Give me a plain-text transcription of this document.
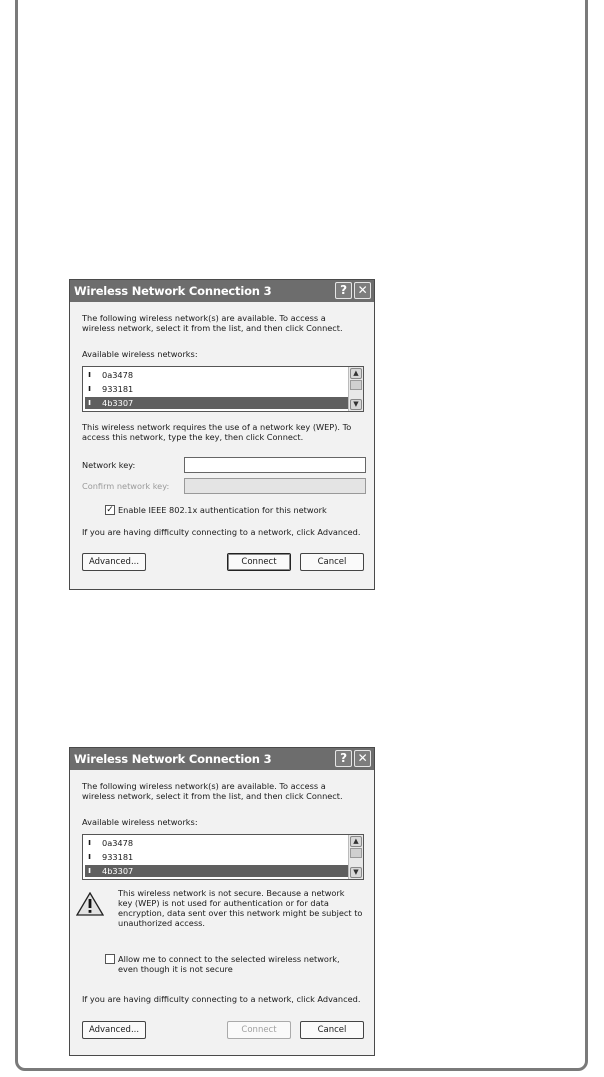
Wireless Network Connection 3	? ✕
The following wireless network(s) are available. To access a
wireless network, select it from the list, and then click Connect.
Available wireless networks:
ı	0a3478
ı	933181
ı	4b3307
▲
▼
This wireless network requires the use of a network key (WEP). To
access this network, type the key, then click Connect.
Network key:
Confirm network key:
✓ Enable IEEE 802.1x authentication for this network
If you are having difficulty connecting to a network, click Advanced.
Advanced...	Connect	Cancel
Wireless Network Connection 3	? ✕
The following wireless network(s) are available. To access a
wireless network, select it from the list, and then click Connect.
Available wireless networks:
ı	0a3478
ı	933181
ı	4b3307
▲
▼
This wireless network is not secure. Because a network
key (WEP) is not used for authentication or for data
encryption, data sent over this network might be subject to
unauthorized access.
Allow me to connect to the selected wireless network,
even though it is not secure
If you are having difficulty connecting to a network, click Advanced.
Advanced...	Connect	Cancel
